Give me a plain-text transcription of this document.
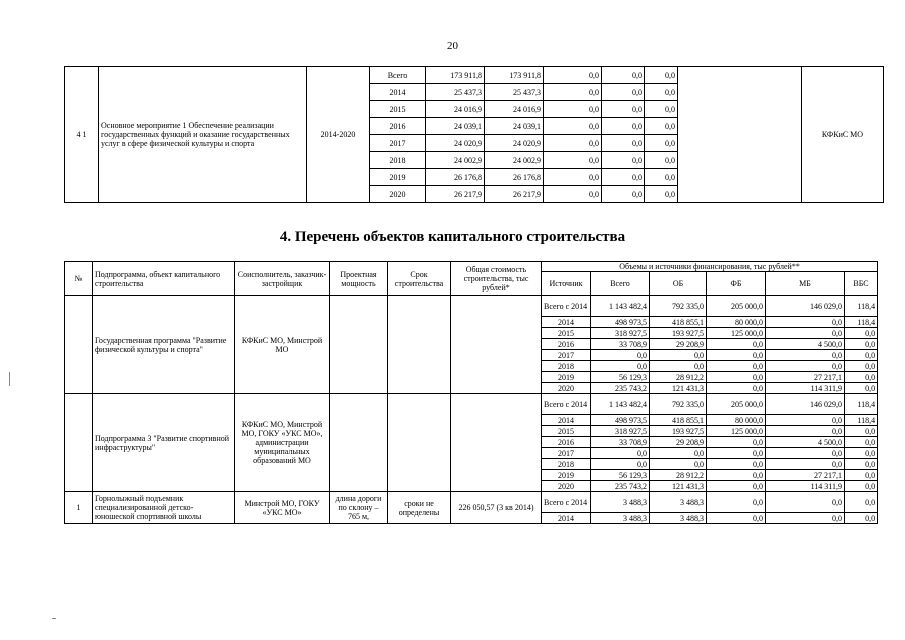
20
4 1	Основное мероприятие 1 Обеспечение реализации государственных функций и оказание государственных услуг в сфере физической культуры и спорта	2014-2020	Всего	173 911,8	173 911,8	0,0	0,0	0,0		КФКиС МО
			2014	25 437,3	25 437,3	0,0	0,0	0,0		
			2015	24 016,9	24 016,9	0,0	0,0	0,0		
			2016	24 039,1	24 039,1	0,0	0,0	0,0		
			2017	24 020,9	24 020,9	0,0	0,0	0,0		
			2018	24 002,9	24 002,9	0,0	0,0	0,0		
			2019	26 176,8	26 176,8	0,0	0,0	0,0		
			2020	26 217,9	26 217,9	0,0	0,0	0,0		
4. Перечень объектов капитального строительства
№	Подпрограмма, объект капитального строительства	Соисполнитель, заказчик-застройщик	Проектная мощность	Срок строительства	Общая стоимость строительства, тыс рублей*	Объемы и источники финансирования, тыс рублей**					
						Источник	Всего	ОБ	ФБ	МБ	ВБС
	Государственная программа "Развитие физической культуры и спорта"	КФКиС МО, Минстрой МО				Всего с 2014	1 143 482,4	792 335,0	205 000,0	146 029,0	118,4
						2014	498 973,5	418 855,1	80 000,0	0,0	118,4
						2015	318 927,5	193 927,5	125 000,0	0,0	0,0
						2016	33 708,9	29 208,9	0,0	4 500,0	0,0
						2017	0,0	0,0	0,0	0,0	0,0
						2018	0,0	0,0	0,0	0,0	0,0
						2019	56 129,3	28 912,2	0,0	27 217,1	0,0
						2020	235 743,2	121 431,3	0,0	114 311,9	0,0
	Подпрограмма 3 "Развитие спортивной инфраструктуры"	КФКиС МО, Минстрой МО, ГОКУ «УКС МО», администрации муниципальных образований МО				Всего с 2014	1 143 482,4	792 335,0	205 000,0	146 029,0	118,4
						2014	498 973,5	418 855,1	80 000,0	0,0	118,4
						2015	318 927,5	193 927,5	125 000,0	0,0	0,0
						2016	33 708,9	29 208,9	0,0	4 500,0	0,0
						2017	0,0	0,0	0,0	0,0	0,0
						2018	0,0	0,0	0,0	0,0	0,0
						2019	56 129,3	28 912,2	0,0	27 217,1	0,0
						2020	235 743,2	121 431,3	0,0	114 311,9	0,0
1	Горнолыжный подъемник специализированной детско-юношеской спортивной школы	Минстрой МО, ГОКУ «УКС МО»	длина дороги по склону – 765 м,	сроки не определены	226 050,57 (3 кв 2014)	Всего с 2014	3 488,3	3 488,3	0,0	0,0	0,0
						2014	3 488,3	3 488,3	0,0	0,0	0,0
